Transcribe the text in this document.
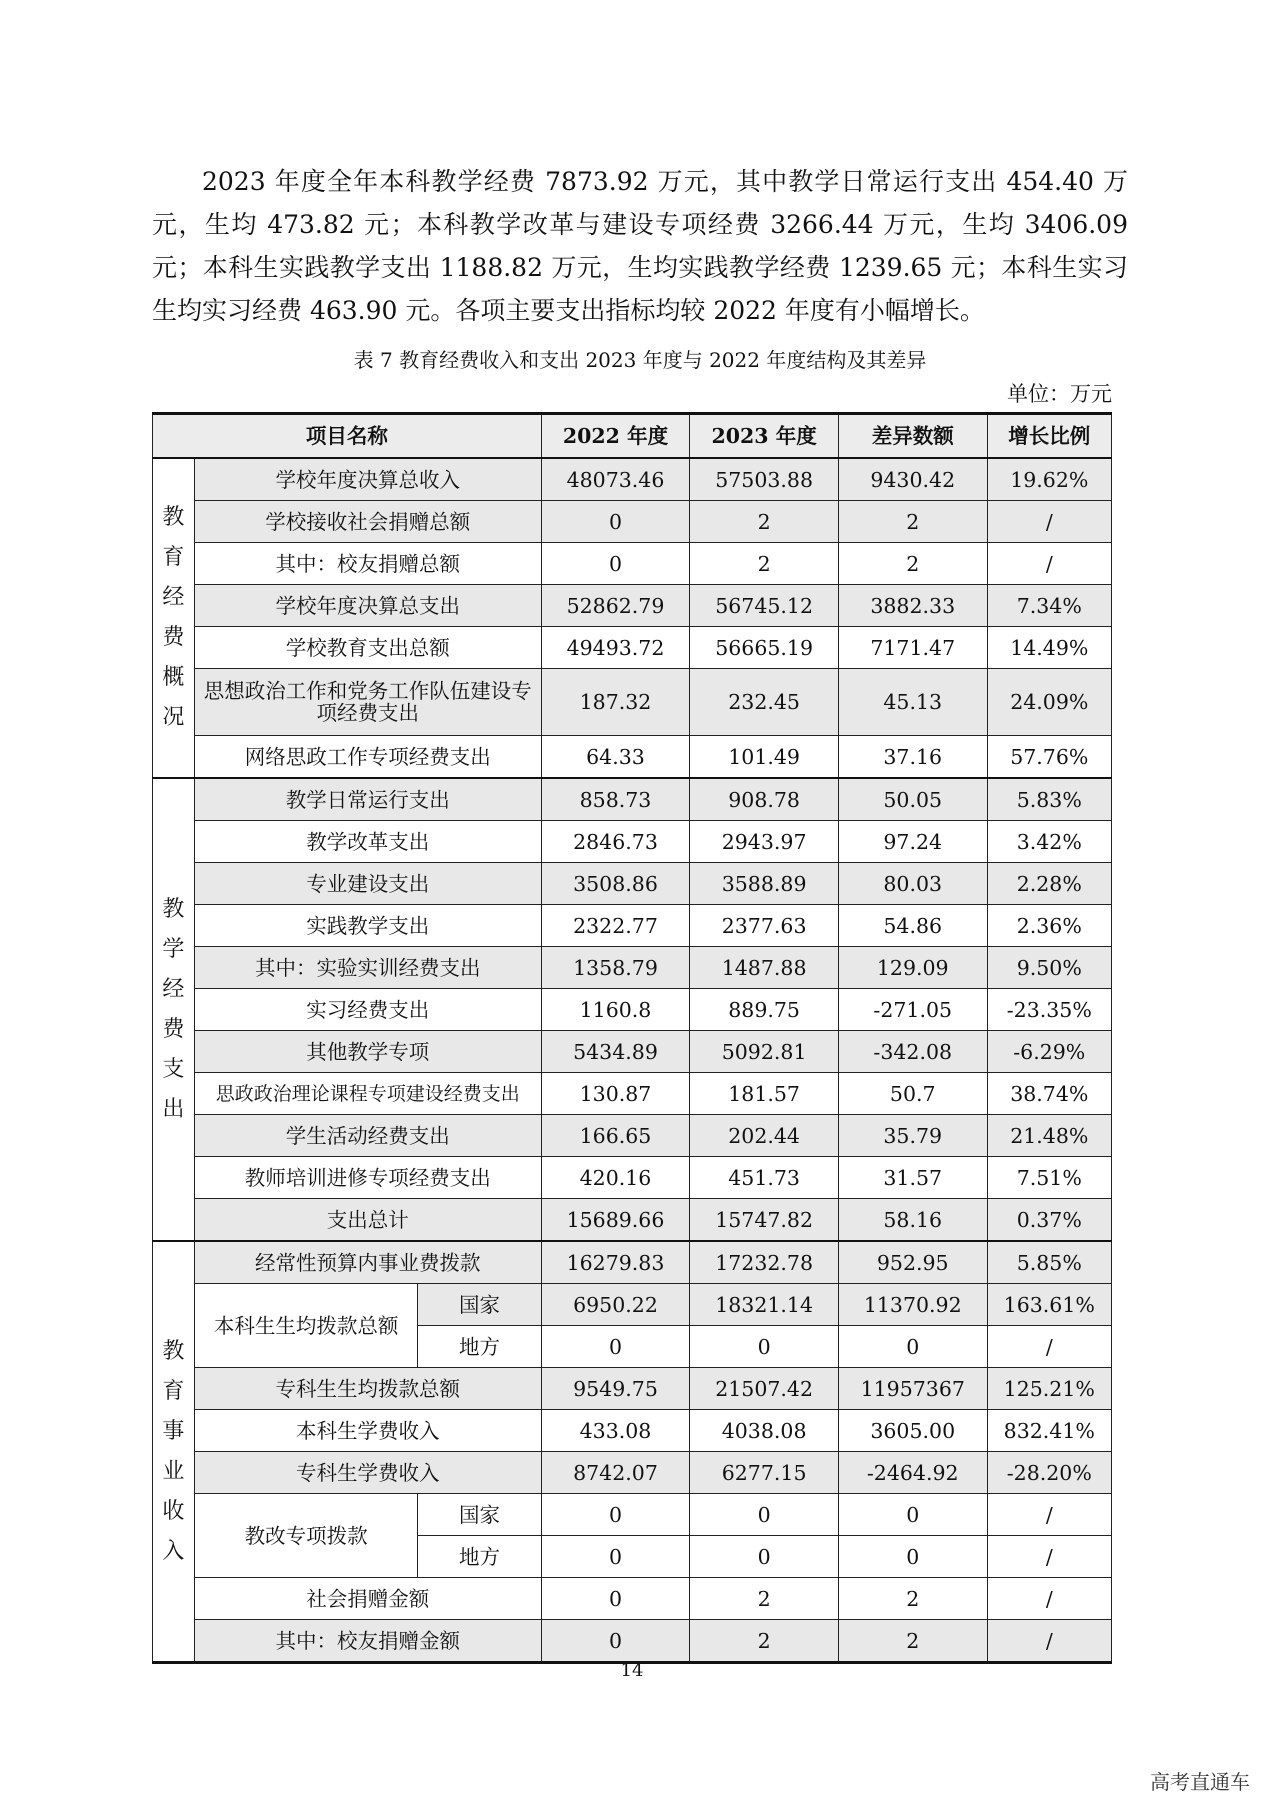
2023 年度全年本科教学经费 7873.92 万元，其中教学日常运行支出 454.40 万元，生均 473.82 元；本科教学改革与建设专项经费 3266.44 万元，生均 3406.09 元；本科生实践教学支出 1188.82 万元，生均实践教学经费 1239.65 元；本科生实习生均实习经费 463.90 元。各项主要支出指标均较 2022 年度有小幅增长。

表 7 教育经费收入和支出 2023 年度与 2022 年度结构及其差异
单位：万元
项目名称			2022 年度	2023 年度	差异数额	增长比例
教育经费概况	学校年度决算总收入		48073.46	57503.88	9430.42	19.62%
	学校接收社会捐赠总额		0	2	2	/
	其中：校友捐赠总额		0	2	2	/
	学校年度决算总支出		52862.79	56745.12	3882.33	7.34%
	学校教育支出总额		49493.72	56665.19	7171.47	14.49%
	思想政治工作和党务工作队伍建设专项经费支出		187.32	232.45	45.13	24.09%
	网络思政工作专项经费支出		64.33	101.49	37.16	57.76%
教学经费支出	教学日常运行支出		858.73	908.78	50.05	5.83%
	教学改革支出		2846.73	2943.97	97.24	3.42%
	专业建设支出		3508.86	3588.89	80.03	2.28%
	实践教学支出		2322.77	2377.63	54.86	2.36%
	其中：实验实训经费支出		1358.79	1487.88	129.09	9.50%
	实习经费支出		1160.8	889.75	-271.05	-23.35%
	其他教学专项		5434.89	5092.81	-342.08	-6.29%
	思政政治理论课程专项建设经费支出		130.87	181.57	50.7	38.74%
	学生活动经费支出		166.65	202.44	35.79	21.48%
	教师培训进修专项经费支出		420.16	451.73	31.57	7.51%
	支出总计		15689.66	15747.82	58.16	0.37%
教育事业收入	经常性预算内事业费拨款		16279.83	17232.78	952.95	5.85%
	本科生生均拨款总额	国家	6950.22	18321.14	11370.92	163.61%
		地方	0	0	0	/
	专科生生均拨款总额		9549.75	21507.42	11957367	125.21%
	本科生学费收入		433.08	4038.08	3605.00	832.41%
	专科生学费收入		8742.07	6277.15	-2464.92	-28.20%
	教改专项拨款	国家	0	0	0	/
		地方	0	0	0	/
	社会捐赠金额		0	2	2	/
	其中：校友捐赠金额		0	2	2	/
14
高考直通车
